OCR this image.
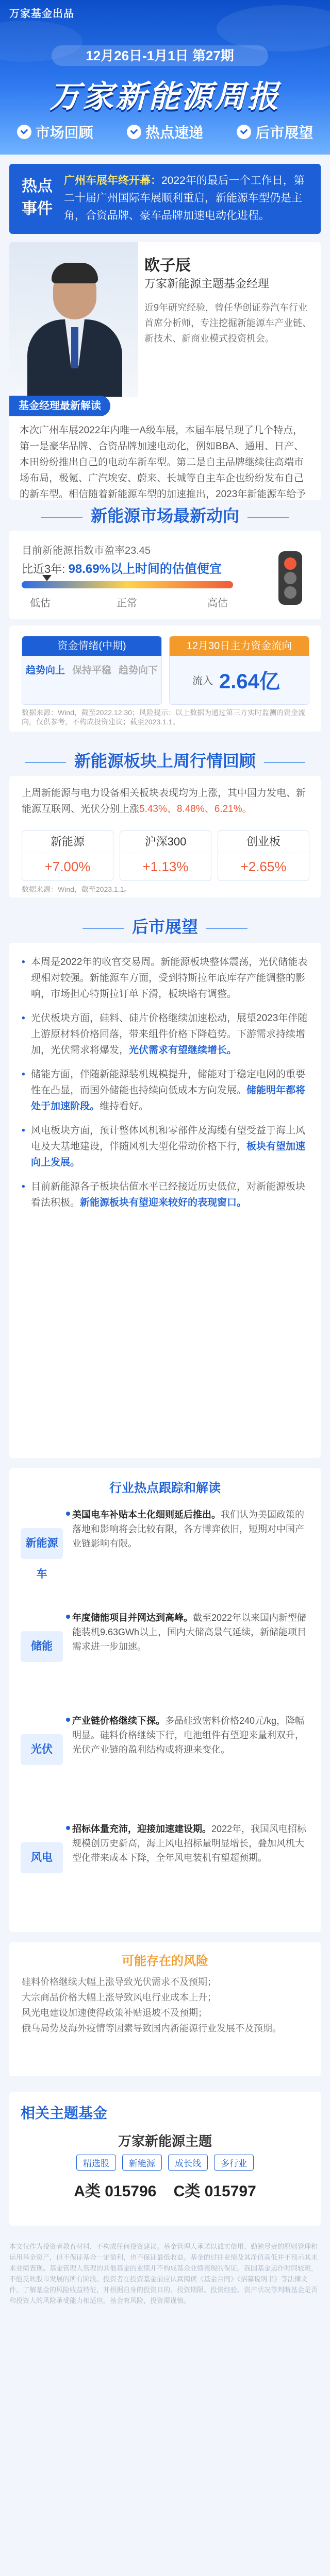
万家基金出品
12月26日-1月1日 第27期
万家新能源周报
市场回顾	热点速递	后市展望
热点事件
广州车展年终开幕：2022年的最后一个工作日，第二十届广州国际车展顺利重启，新能源车型仍是主角，合资品牌、豪车品牌加速电动化进程。
欧子辰
万家新能源主题基金经理
近9年研究经验，曾任华创证券汽车行业首席分析师，专注挖掘新能源车产业链、新技术、新商业模式投资机会。
基金经理最新解读
本次广州车展2022年内唯一A级车展，本届车展呈现了几个特点，第一是豪华品牌、合资品牌加速电动化，例如BBA、通用、日产、本田纷纷推出自己的电动车新车型。第二是自主品牌继续往高端市场布局，极氪、广汽埃安、蔚来、长城等自主车企也纷纷发布自己的新车型。相信随着新能源车型的加速推出，2023年新能源车给予
新能源市场最新动向
目前新能源指数市盈率23.45
比近3年: 98.69%以上时间的估值便宜
低估	正常	高估
资金情绪(中期)
趋势向上 保持平稳 趋势向下
12月30日主力资金流向
流入 2.64亿
数据来源：Wind，截至2022.12.30；风险提示：以上数据为通过第三方实时监测的资金流向，仅供参考，不构成投资建议；截至2023.1.1。
新能源板块上周行情回顾
上周新能源与电力设备相关板块表现均为上涨，其中国力发电、新能源互联网、光伏分别上涨5.43%、8.48%、6.21%。
新能源
+7.00%
沪深300
+1.13%
创业板
+2.65%
数据来源：Wind，截至2023.1.1。
后市展望

• 本周是2022年的收官交易周。新能源板块整体震荡，光伏储能表现相对较强。新能源车方面，受到特斯拉年底库存产能调整的影响，市场担心特斯拉订单下滑，板块略有调整。

• 光伏板块方面，硅料、硅片价格继续加速松动，展望2023年伴随上游原材料价格回落，带来组件价格下降趋势。下游需求持续增加，光伏需求将爆发，光伏需求有望继续增长。

• 储能方面，伴随新能源装机规模提升，储能对于稳定电网的重要性在凸显，而国外储能也持续向低成本方向发展。储能明年都将处于加速阶段。维持看好。

• 风电板块方面，预计整体风机和零部件及海缆有望受益于海上风电及大基地建设，伴随风机大型化带动价格下行，板块有望加速向上发展。

• 目前新能源各子板块估值水平已经接近历史低位，对新能源板块看法积极。新能源板块有望迎来较好的表现窗口。

行业热点跟踪和解读
新能源车
美国电车补贴本土化细则延后推出。我们认为美国政策的落地和影响将会比较有限，各方博弈依旧，短期对中国产业链影响有限。
储能
年度储能项目并网达到高峰。截至2022年以来国内新型储能装机9.63GWh以上，国内大储高景气延续，新储能项目需求进一步加速。
光伏
产业链价格继续下探。多晶硅致密料价格240元/kg，降幅明显。硅料价格继续下行，电池组件有望迎来量利双升，光伏产业链的盈利结构或将迎来变化。
风电
招标体量充沛，迎接加速建设期。2022年，我国风电招标规模创历史新高，海上风电招标量明显增长，叠加风机大型化带来成本下降，全年风电装机有望超预期。
可能存在的风险

硅料价格继续大幅上涨导致光伏需求不及预期；

大宗商品价格大幅上涨导致风电行业成本上升；

风光电建设加速使得政策补贴退坡不及预期；

俄乌局势及海外疫情等因素导致国内新能源行业发展不及预期。

相关主题基金
万家新能源主题
精选股	新能源	成长线	多行业
A类 015796 C类 015797
本文仅作为投资者教育材料，不构成任何投资建议。基金管理人承诺以诚实信用、勤勉尽责的原则管理和运用基金资产，但不保证基金一定盈利，也不保证最低收益。基金的过往业绩及其净值高低并不预示其未来业绩表现。基金管理人管理的其他基金的业绩并不构成基金业绩表现的保证。我国基金运作时间较短，不能反映股市发展的所有阶段。投资者在投资基金前应认真阅读《基金合同》《招募说明书》等法律文件，了解基金的风险收益特征，并根据自身的投资目的、投资期限、投资经验、资产状况等判断基金是否和投资人的风险承受能力相适应。基金有风险，投资需谨慎。
